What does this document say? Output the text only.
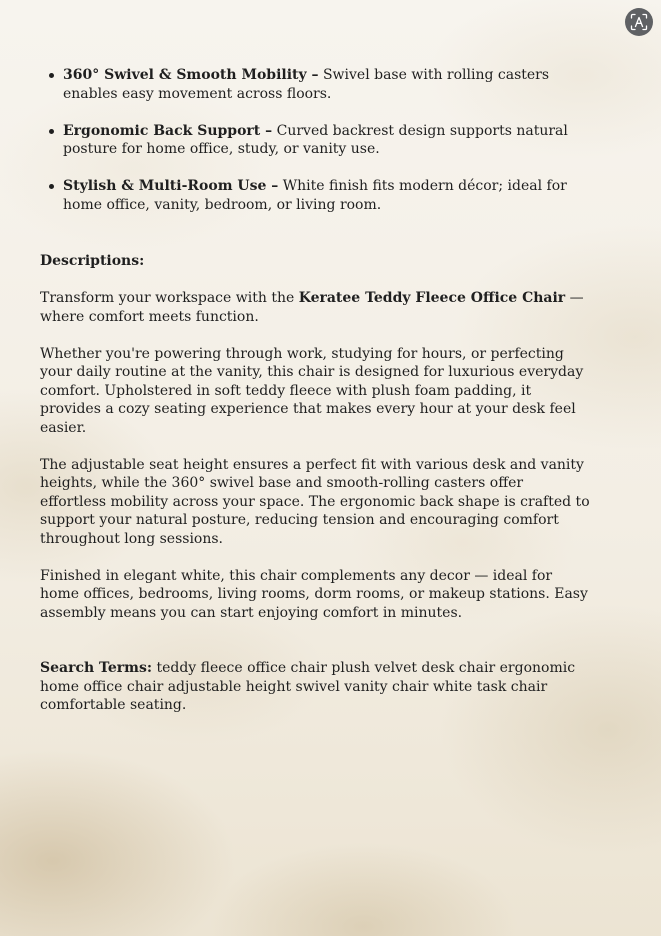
360° Swivel & Smooth Mobility – Swivel base with rolling casters enables easy movement across floors.
Ergonomic Back Support – Curved backrest design supports natural posture for home office, study, or vanity use.
Stylish & Multi-Room Use – White finish fits modern décor; ideal for home office, vanity, bedroom, or living room.
Descriptions:

Transform your workspace with the Keratee Teddy Fleece Office Chair — where comfort meets function.

Whether you're powering through work, studying for hours, or perfecting your daily routine at the vanity, this chair is designed for luxurious everyday comfort. Upholstered in soft teddy fleece with plush foam padding, it provides a cozy seating experience that makes every hour at your desk feel easier.

The adjustable seat height ensures a perfect fit with various desk and vanity heights, while the 360° swivel base and smooth-rolling casters offer effortless mobility across your space. The ergonomic back shape is crafted to support your natural posture, reducing tension and encouraging comfort throughout long sessions.

Finished in elegant white, this chair complements any decor — ideal for home offices, bedrooms, living rooms, dorm rooms, or makeup stations. Easy assembly means you can start enjoying comfort in minutes.

Search Terms: teddy fleece office chair plush velvet desk chair ergonomic home office chair adjustable height swivel vanity chair white task chair comfortable seating.
